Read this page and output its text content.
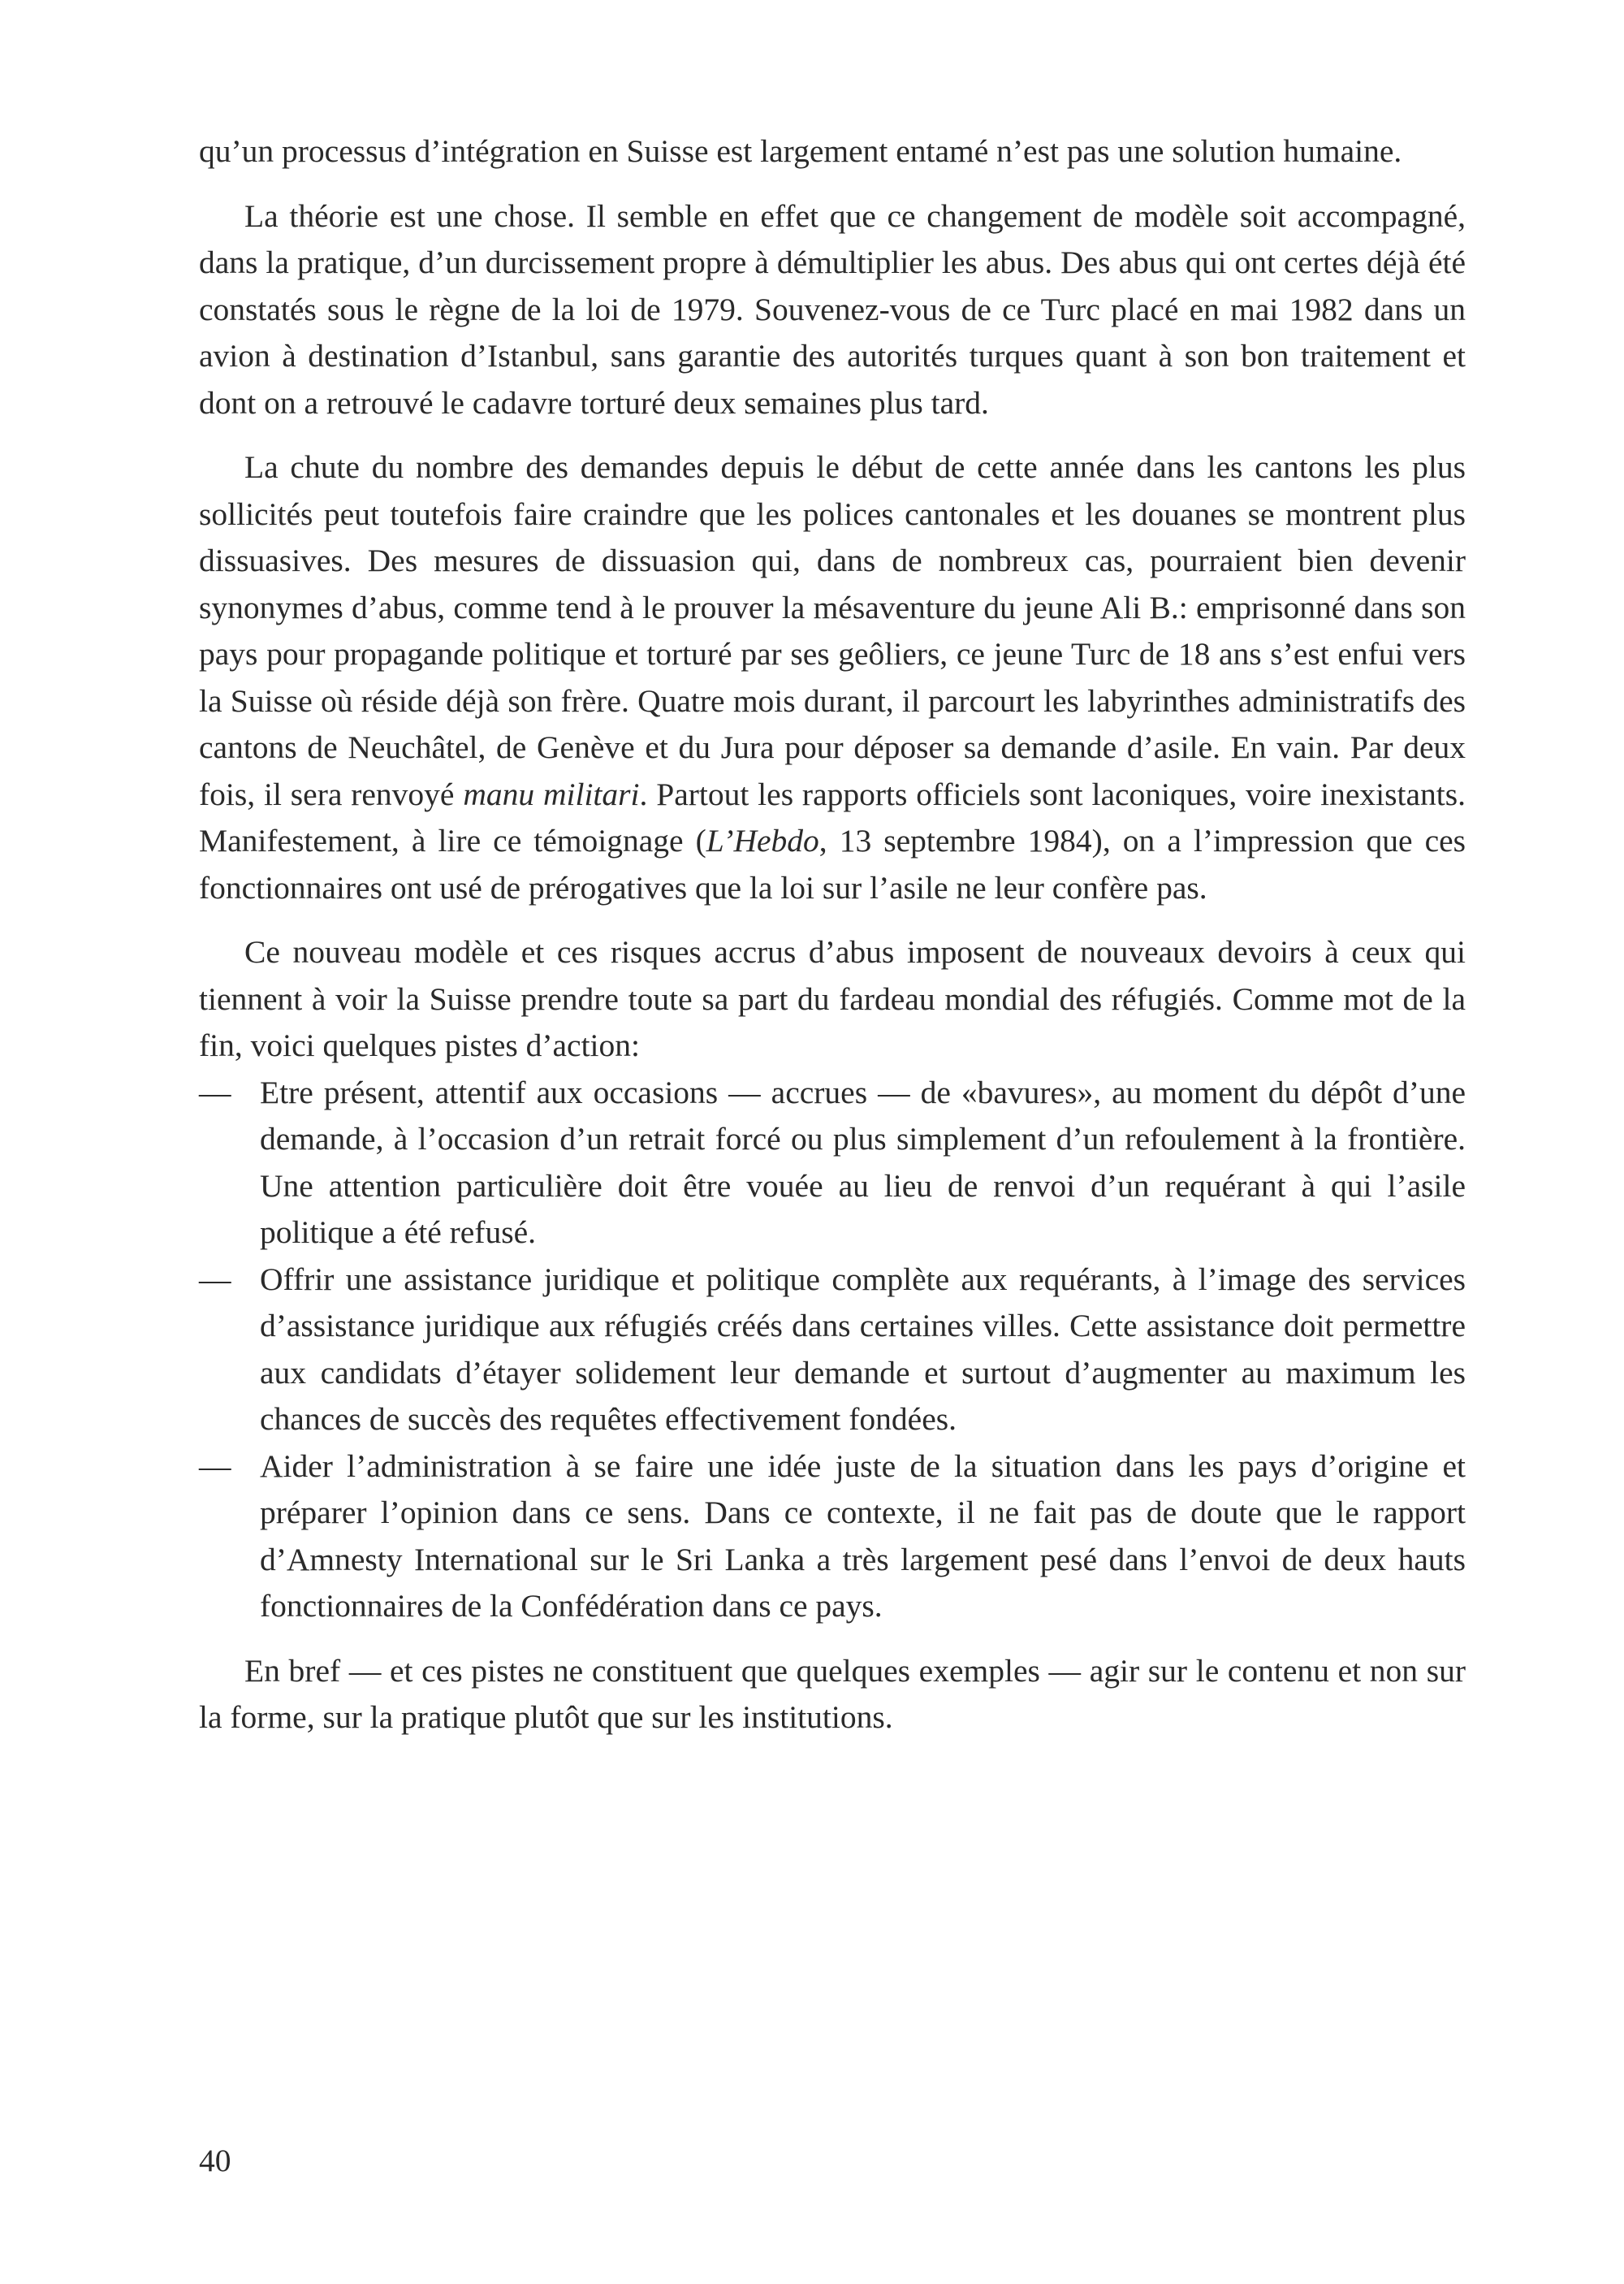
qu’un processus d’intégration en Suisse est largement entamé n’est pas une solution humaine.

La théorie est une chose. Il semble en effet que ce changement de modèle soit accompagné, dans la pratique, d’un durcissement propre à démultiplier les abus. Des abus qui ont certes déjà été constatés sous le règne de la loi de 1979. Souvenez-vous de ce Turc placé en mai 1982 dans un avion à destination d’Istanbul, sans garantie des autorités turques quant à son bon traitement et dont on a retrouvé le cadavre torturé deux semaines plus tard.

La chute du nombre des demandes depuis le début de cette année dans les cantons les plus sollicités peut toutefois faire craindre que les polices cantonales et les douanes se montrent plus dissuasives. Des mesures de dissuasion qui, dans de nombreux cas, pourraient bien devenir synonymes d’abus, comme tend à le prouver la mésaventure du jeune Ali B.: emprisonné dans son pays pour propagande politique et torturé par ses geôliers, ce jeune Turc de 18 ans s’est enfui vers la Suisse où réside déjà son frère. Quatre mois durant, il parcourt les labyrinthes administratifs des cantons de Neuchâtel, de Genève et du Jura pour déposer sa demande d’asile. En vain. Par deux fois, il sera renvoyé manu militari. Partout les rapports officiels sont laconiques, voire inexistants. Manifestement, à lire ce témoignage (L’Hebdo, 13 septembre 1984), on a l’impression que ces fonctionnaires ont usé de prérogatives que la loi sur l’asile ne leur confère pas.

Ce nouveau modèle et ces risques accrus d’abus imposent de nouveaux devoirs à ceux qui tiennent à voir la Suisse prendre toute sa part du fardeau mondial des réfugiés. Comme mot de la fin, voici quelques pistes d’action:

— Etre présent, attentif aux occasions — accrues — de «bavures», au moment du dépôt d’une demande, à l’occasion d’un retrait forcé ou plus simplement d’un refoulement à la frontière. Une attention particulière doit être vouée au lieu de renvoi d’un requérant à qui l’asile politique a été refusé.
— Offrir une assistance juridique et politique complète aux requérants, à l’image des services d’assistance juridique aux réfugiés créés dans certaines villes. Cette assistance doit permettre aux candidats d’étayer solidement leur demande et surtout d’augmenter au maximum les chances de succès des requêtes effectivement fondées.
— Aider l’administration à se faire une idée juste de la situation dans les pays d’origine et préparer l’opinion dans ce sens. Dans ce contexte, il ne fait pas de doute que le rapport d’Amnesty International sur le Sri Lanka a très largement pesé dans l’envoi de deux hauts fonctionnaires de la Confédération dans ce pays.

En bref — et ces pistes ne constituent que quelques exemples — agir sur le contenu et non sur la forme, sur la pratique plutôt que sur les institutions.

40
